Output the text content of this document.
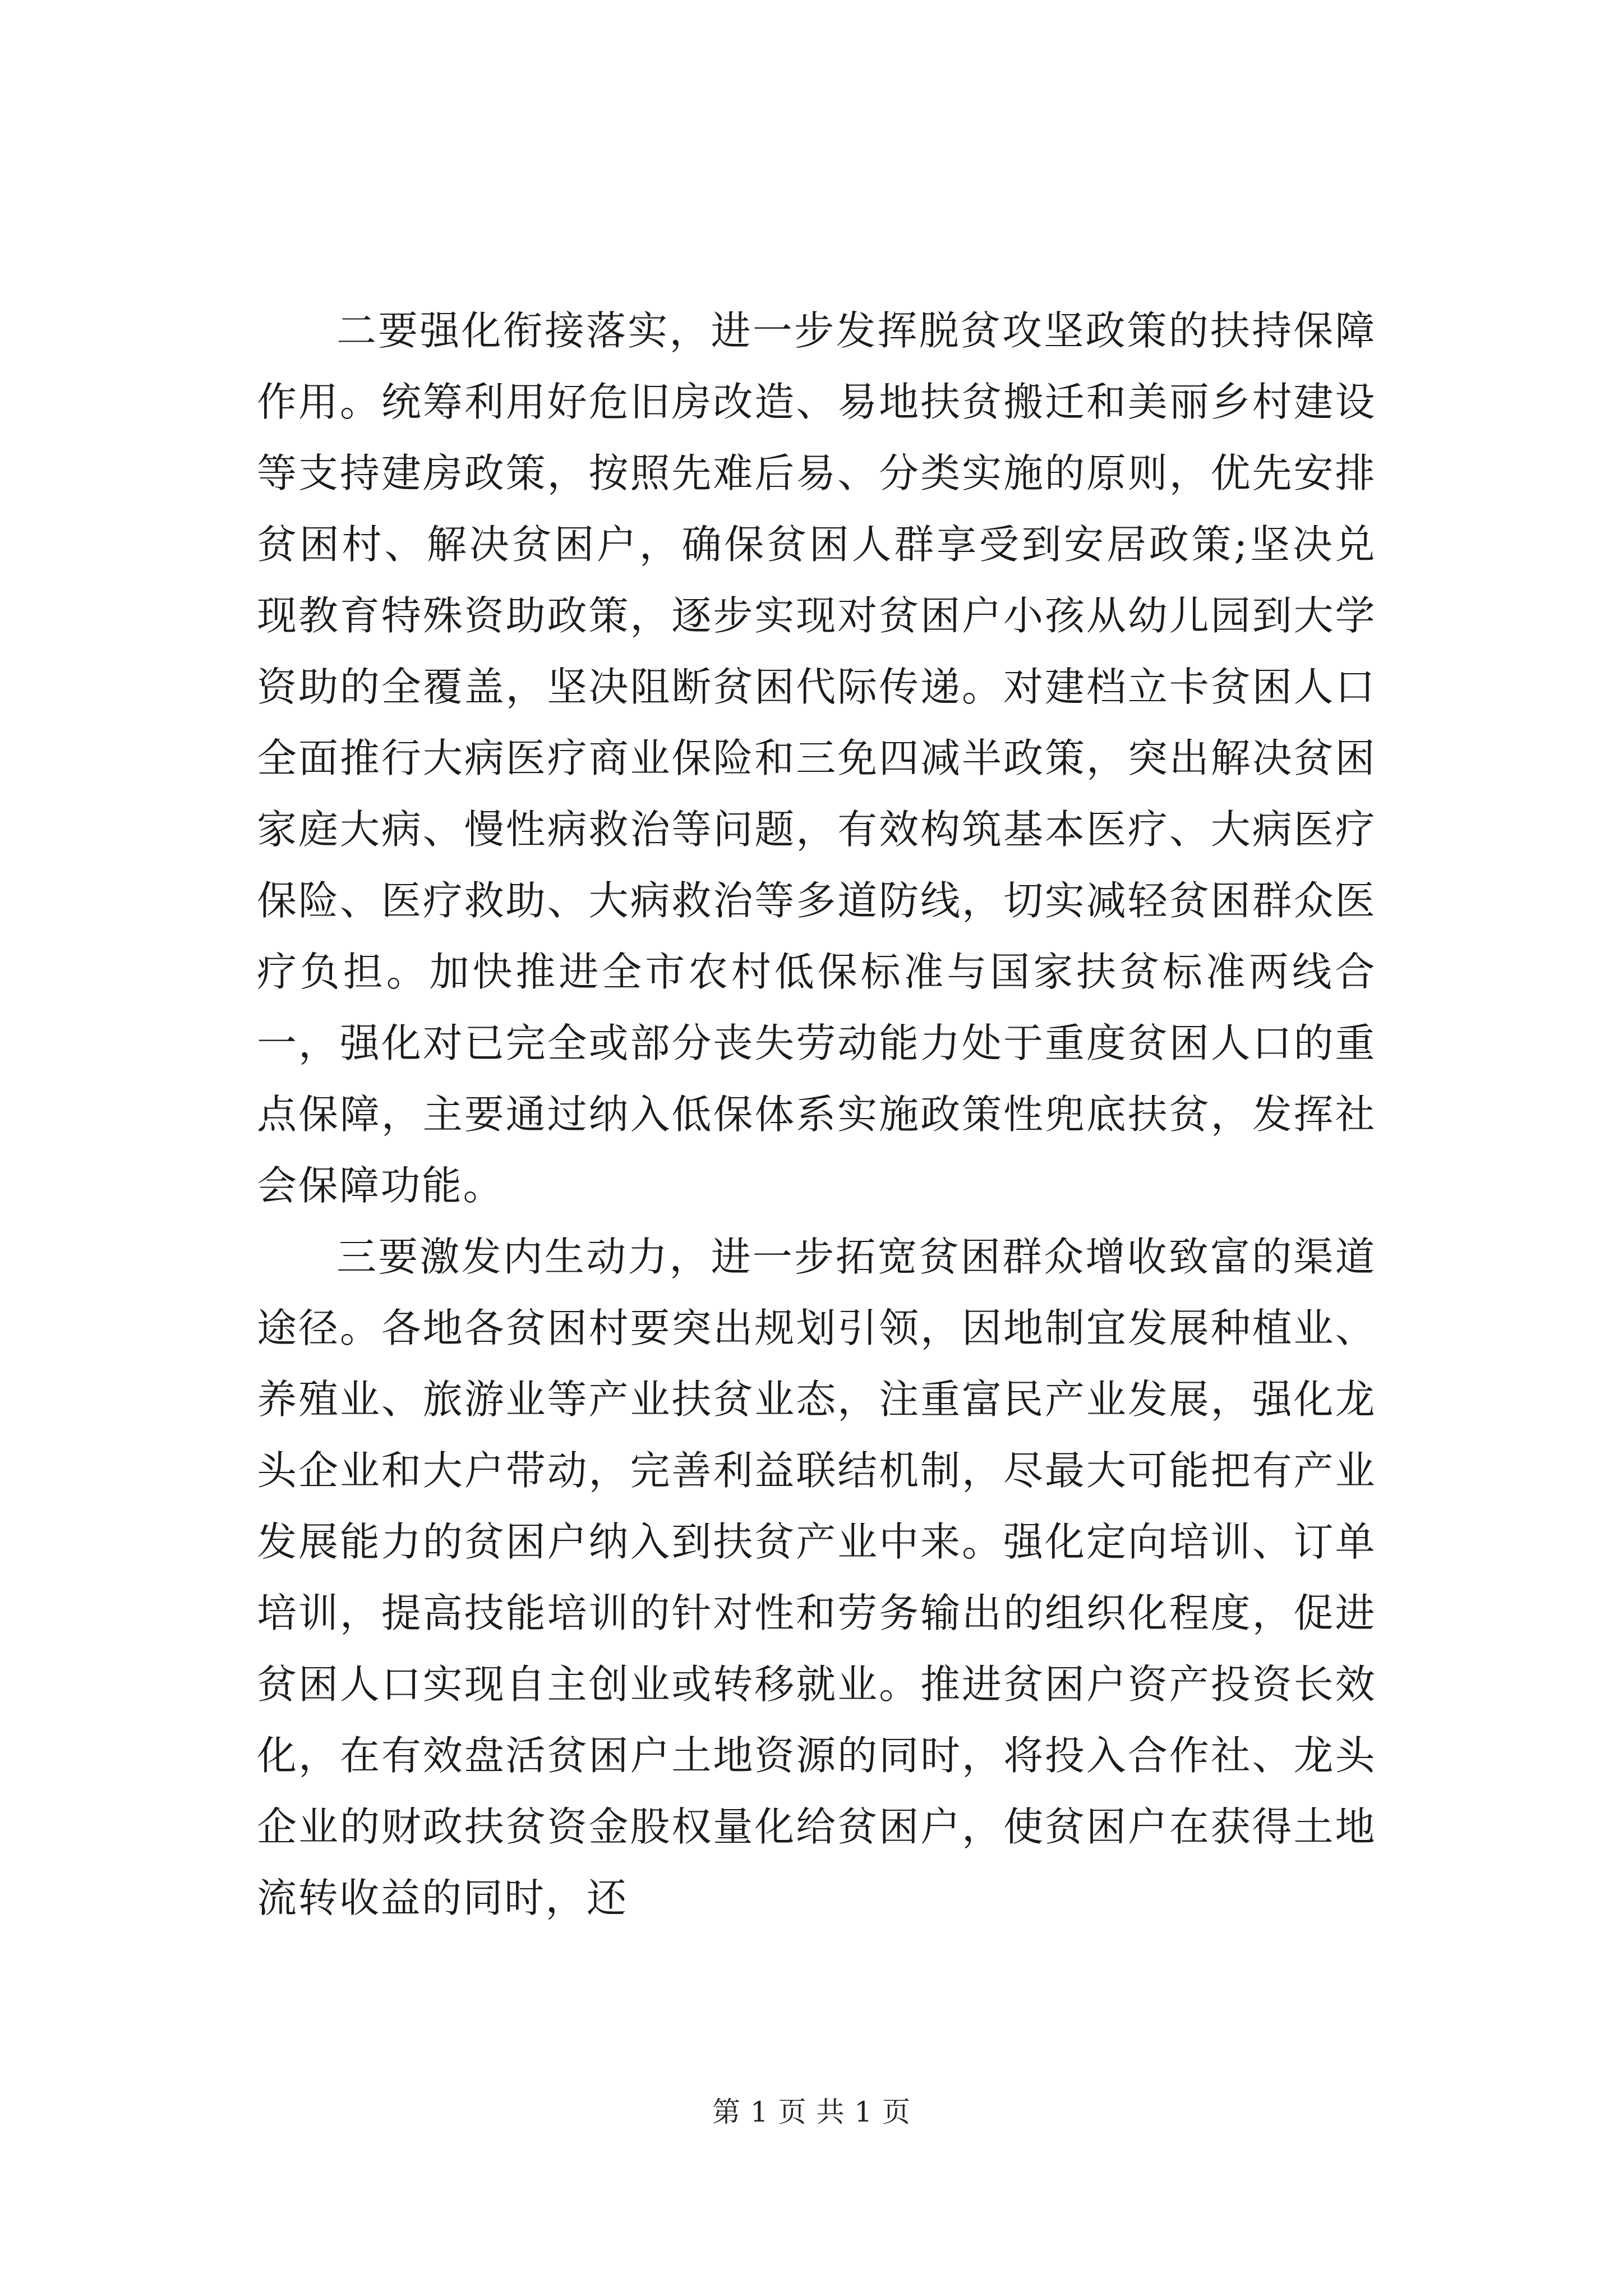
二要强化衔接落实，进一步发挥脱贫攻坚政策的扶持保障作用。统筹利用好危旧房改造、易地扶贫搬迁和美丽乡村建设等支持建房政策，按照先难后易、分类实施的原则，优先安排贫困村、解决贫困户，确保贫困人群享受到安居政策;坚决兑现教育特殊资助政策，逐步实现对贫困户小孩从幼儿园到大学资助的全覆盖，坚决阻断贫困代际传递。对建档立卡贫困人口全面推行大病医疗商业保险和三免四减半政策，突出解决贫困家庭大病、慢性病救治等问题，有效构筑基本医疗、大病医疗保险、医疗救助、大病救治等多道防线，切实减轻贫困群众医疗负担。加快推进全市农村低保标准与国家扶贫标准两线合一，强化对已完全或部分丧失劳动能力处于重度贫困人口的重点保障，主要通过纳入低保体系实施政策性兜底扶贫，发挥社会保障功能。

三要激发内生动力，进一步拓宽贫困群众增收致富的渠道途径。各地各贫困村要突出规划引领，因地制宜发展种植业、养殖业、旅游业等产业扶贫业态，注重富民产业发展，强化龙头企业和大户带动，完善利益联结机制，尽最大可能把有产业发展能力的贫困户纳入到扶贫产业中来。强化定向培训、订单培训，提高技能培训的针对性和劳务输出的组织化程度，促进贫困人口实现自主创业或转移就业。推进贫困户资产投资长效化，在有效盘活贫困户土地资源的同时，将投入合作社、龙头企业的财政扶贫资金股权量化给贫困户，使贫困户在获得土地流转收益的同时，还

第 1 页 共 1 页
